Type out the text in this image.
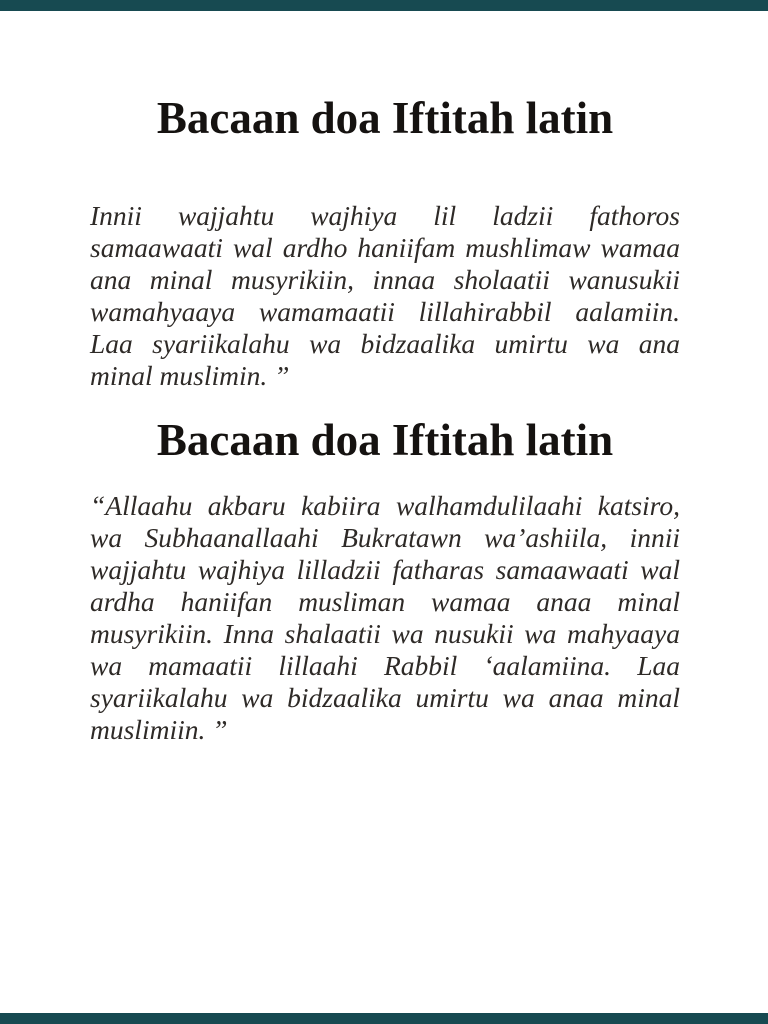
Bacaan doa Iftitah latin
Innii wajjahtu wajhiya lil ladzii fathoros
samaawaati wal ardho haniifam mushlimaw wamaa
ana minal musyrikiin, innaa sholaatii wanusukii
wamahyaaya wamamaatii lillahirabbil aalamiin.
Laa syariikalahu wa bidzaalika umirtu wa ana
minal muslimin. ”
Bacaan doa Iftitah latin
“Allaahu akbaru kabiira walhamdulilaahi katsiro,
wa Subhaanallaahi Bukratawn wa’ashiila, innii
wajjahtu wajhiya lilladzii fatharas samaawaati wal
ardha haniifan musliman wamaa anaa minal
musyrikiin. Inna shalaatii wa nusukii wa mahyaaya
wa mamaatii lillaahi Rabbil ‘aalamiina. Laa
syariikalahu wa bidzaalika umirtu wa anaa minal
muslimiin. ”
